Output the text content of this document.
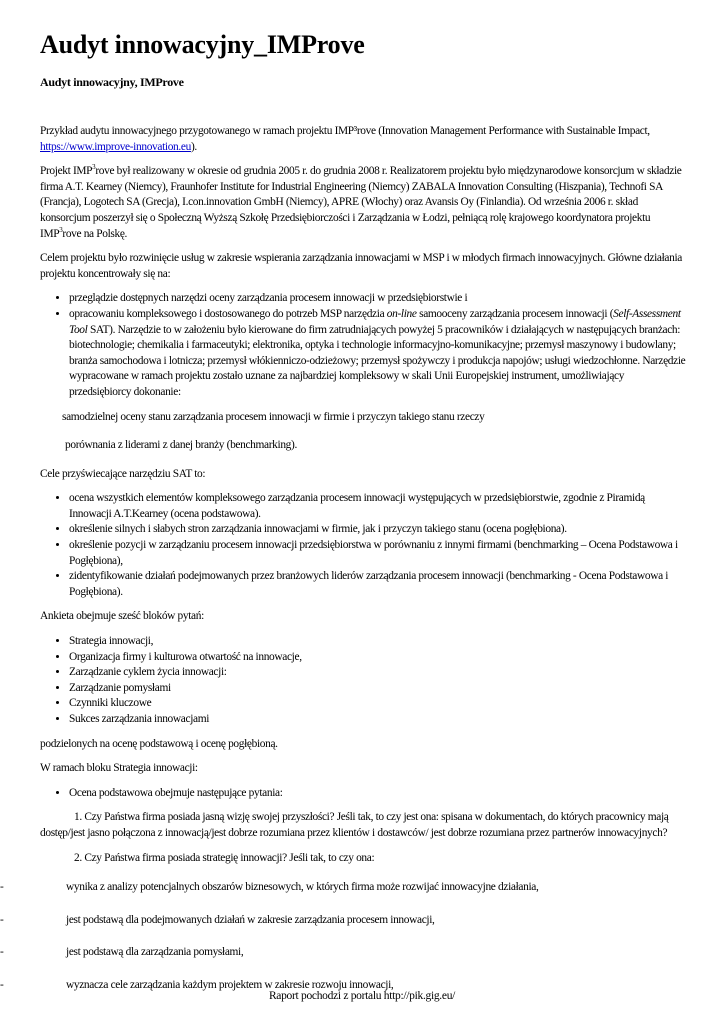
Audyt innowacyjny_IMProve

Audyt innowacyjny, IMProve

Przykład audytu innowacyjnego przygotowanego w ramach projektu IMP³rove (Innovation Management Performance with Sustainable Impact, https://www.improve-innovation.eu).

Projekt IMP$^3$rove był realizowany w okresie od grudnia 2005 r. do grudnia 2008 r. Realizatorem projektu było międzynarodowe konsorcjum w składzie firma A.T. Kearney (Niemcy), Fraunhofer Institute for Industrial Engineering (Niemcy) ZABALA Innovation Consulting (Hiszpania), Technofi SA (Francja), Logotech SA (Grecja), I.con.innovation GmbH (Niemcy), APRE (Włochy) oraz Avansis Oy (Finlandia). Od września 2006 r. skład konsorcjum poszerzył się o Społeczną Wyższą Szkołę Przedsiębiorczości i Zarządzania w Łodzi, pełniącą rolę krajowego koordynatora projektu IMP$^3$rove na Polskę.

Celem projektu było rozwinięcie usług w zakresie wspierania zarządzania innowacjami w MSP i w młodych firmach innowacyjnych. Główne działania projektu koncentrowały się na:

• przeglądzie dostępnych narzędzi oceny zarządzania procesem innowacji w przedsiębiorstwie i
• opracowaniu kompleksowego i dostosowanego do potrzeb MSP narzędzia on-line samooceny zarządzania procesem innowacji (Self-Assessment Tool SAT). Narzędzie to w założeniu było kierowane do firm zatrudniających powyżej 5 pracowników i działających w następujących branżach: biotechnologie; chemikalia i farmaceutyki; elektronika, optyka i technologie informacyjno-komunikacyjne; przemysł maszynowy i budowlany; branża samochodowa i lotnicza; przemysł włókienniczo-odzieżowy; przemysł spożywczy i produkcja napojów; usługi wiedzochłonne. Narzędzie wypracowane w ramach projektu zostało uznane za najbardziej kompleksowy w skali Unii Europejskiej instrument, umożliwiający przedsiębiorcy dokonanie:

samodzielnej oceny stanu zarządzania procesem innowacji w firmie i przyczyn takiego stanu rzeczy

porównania z liderami z danej branży (benchmarking).

Cele przyświecające narzędziu SAT to:

• ocena wszystkich elementów kompleksowego zarządzania procesem innowacji występujących w przedsiębiorstwie, zgodnie z Piramidą Innowacji A.T.Kearney (ocena podstawowa).
• określenie silnych i słabych stron zarządzania innowacjami w firmie, jak i przyczyn takiego stanu (ocena pogłębiona).
• określenie pozycji w zarządzaniu procesem innowacji przedsiębiorstwa w porównaniu z innymi firmami (benchmarking – Ocena Podstawowa i Pogłębiona),
• zidentyfikowanie działań podejmowanych przez branżowych liderów zarządzania procesem innowacji (benchmarking - Ocena Podstawowa i Pogłębiona).

Ankieta obejmuje sześć bloków pytań:

• Strategia innowacji,
• Organizacja firmy i kulturowa otwartość na innowacje,
• Zarządzanie cyklem życia innowacji:
• Zarządzanie pomysłami
• Czynniki kluczowe
• Sukces zarządzania innowacjami

podzielonych na ocenę podstawową i ocenę pogłębioną.

W ramach bloku Strategia innowacji:

• Ocena podstawowa obejmuje następujące pytania:

1. Czy Państwa firma posiada jasną wizję swojej przyszłości? Jeśli tak, to czy jest ona: spisana w dokumentach, do których pracownicy mają dostęp/jest jasno połączona z innowacją/jest dobrze rozumiana przez klientów i dostawców/ jest dobrze rozumiana przez partnerów innowacyjnych?

2. Czy Państwa firma posiada strategię innowacji? Jeśli tak, to czy ona:

-	wynika z analizy potencjalnych obszarów biznesowych, w których firma może rozwijać innowacyjne działania,

-	jest podstawą dla podejmowanych działań w zakresie zarządzania procesem innowacji,

-	jest podstawą dla zarządzania pomysłami,

-	wyznacza cele zarządzania każdym projektem w zakresie rozwoju innowacji,

Raport pochodzi z portalu http://pik.gig.eu/
